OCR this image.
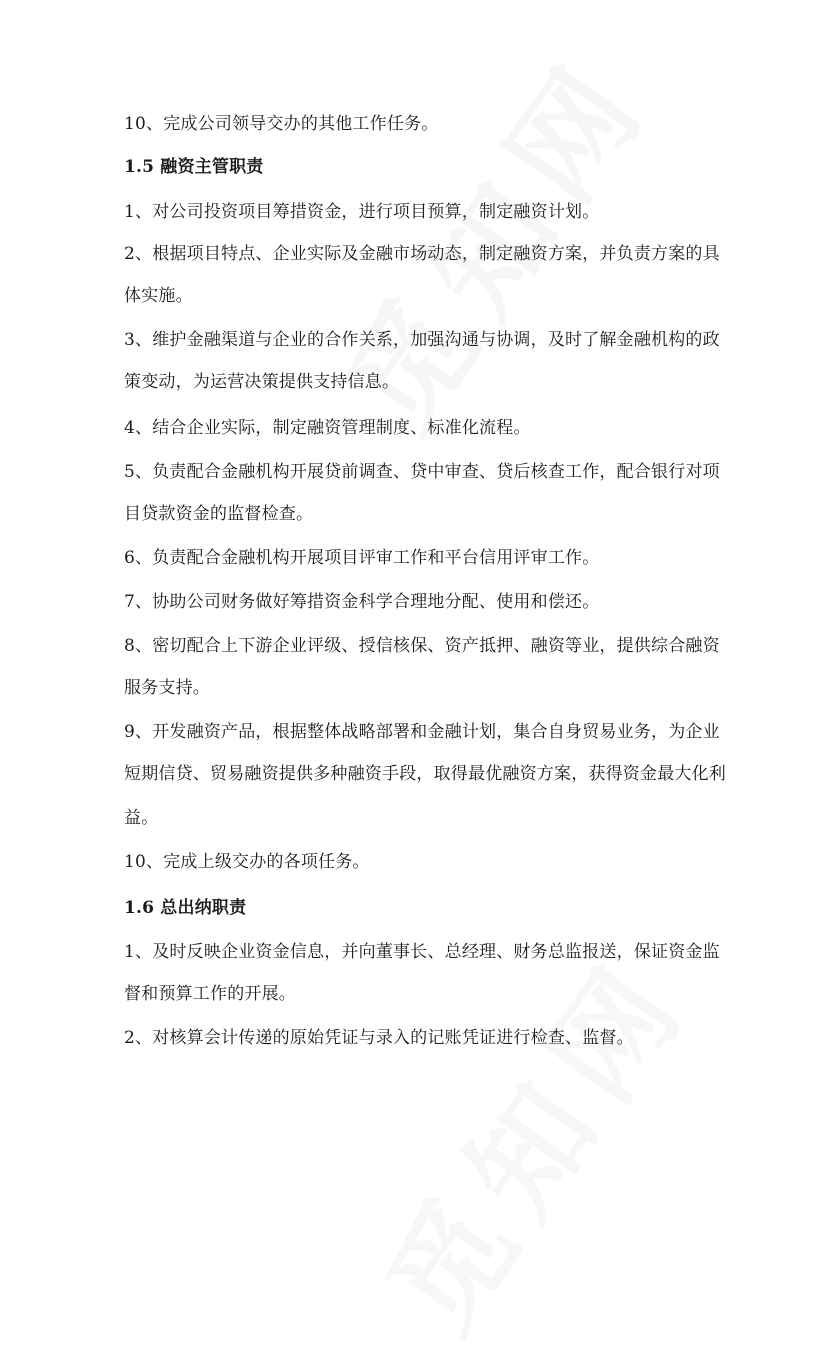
10、完成公司领导交办的其他工作任务。
1.5 融资主管职责
1、对公司投资项目筹措资金，进行项目预算，制定融资计划。
2、根据项目特点、企业实际及金融市场动态，制定融资方案，并负责方案的具
体实施。
3、维护金融渠道与企业的合作关系，加强沟通与协调，及时了解金融机构的政
策变动，为运营决策提供支持信息。
4、结合企业实际，制定融资管理制度、标准化流程。
5、负责配合金融机构开展贷前调查、贷中审查、贷后核查工作，配合银行对项
目贷款资金的监督检查。
6、负责配合金融机构开展项目评审工作和平台信用评审工作。
7、协助公司财务做好筹措资金科学合理地分配、使用和偿还。
8、密切配合上下游企业评级、授信核保、资产抵押、融资等业，提供综合融资
服务支持。
9、开发融资产品，根据整体战略部署和金融计划，集合自身贸易业务，为企业
短期信贷、贸易融资提供多种融资手段，取得最优融资方案，获得资金最大化利
益。
10、完成上级交办的各项任务。
1.6 总出纳职责
1、及时反映企业资金信息，并向董事长、总经理、财务总监报送，保证资金监
督和预算工作的开展。
2、对核算会计传递的原始凭证与录入的记账凭证进行检查、监督。
